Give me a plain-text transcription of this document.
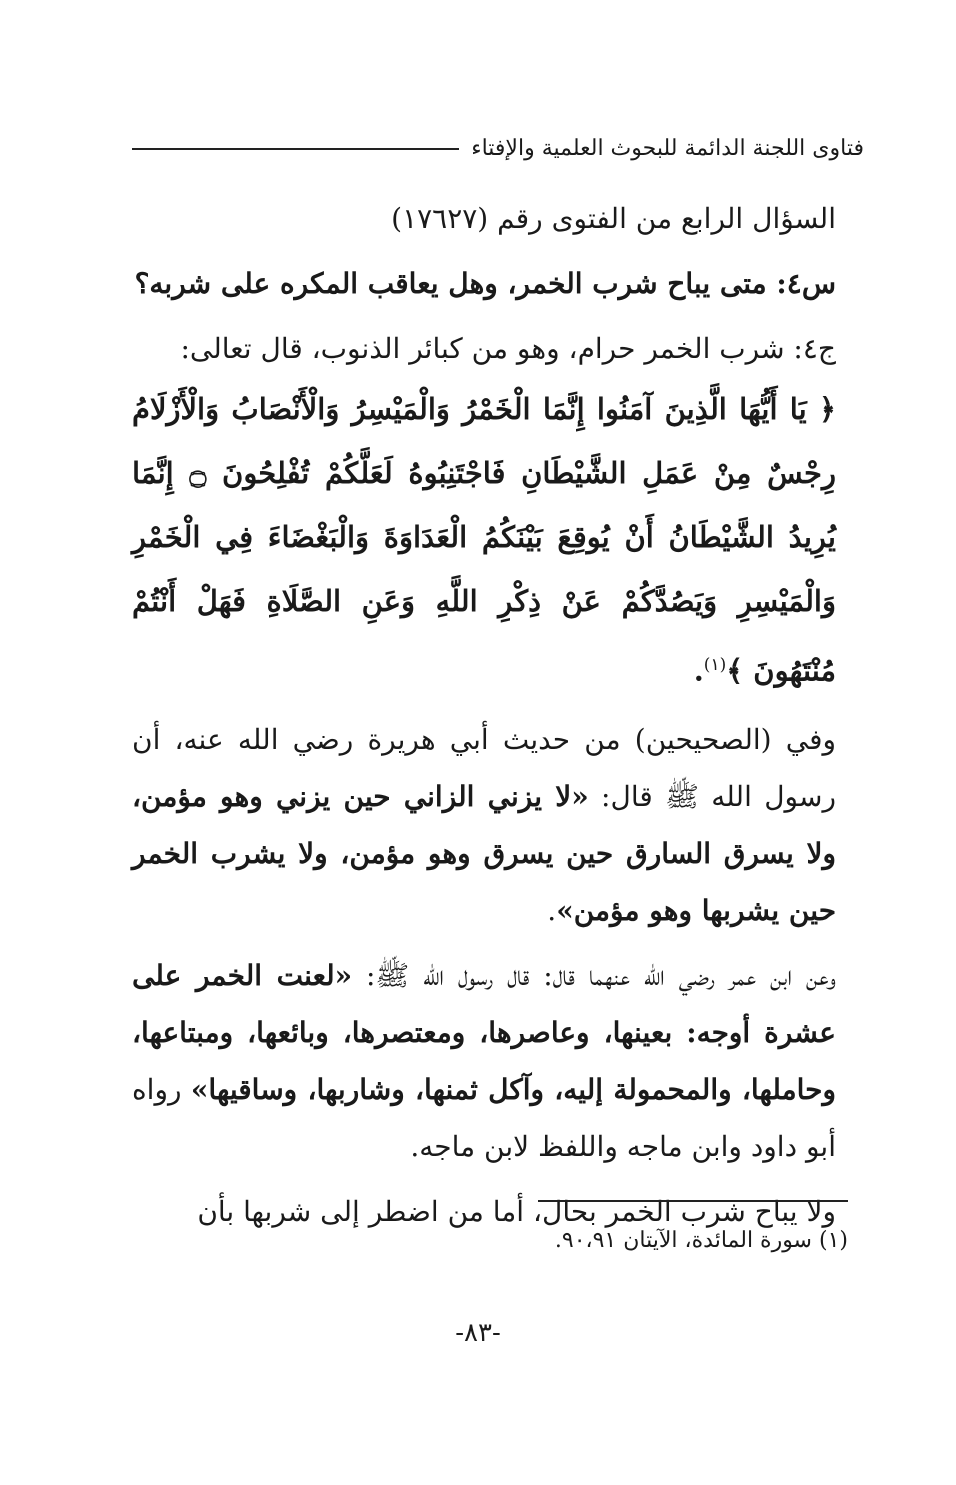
فتاوى اللجنة الدائمة للبحوث العلمية والإفتاء

السؤال الرابع من الفتوى رقم (١٧٦٢٧)

س٤: متى يباح شرب الخمر، وهل يعاقب المكره على شربه؟

ج٤: شرب الخمر حرام، وهو من كبائر الذنوب، قال تعالى:

﴿ يَا أَيُّهَا الَّذِينَ آمَنُوا إِنَّمَا الْخَمْرُ وَالْمَيْسِرُ وَالْأَنْصَابُ وَالْأَزْلَامُ رِجْسٌ مِنْ عَمَلِ الشَّيْطَانِ فَاجْتَنِبُوهُ لَعَلَّكُمْ تُفْلِحُونَ ۝ إِنَّمَا يُرِيدُ الشَّيْطَانُ أَنْ يُوقِعَ بَيْنَكُمُ الْعَدَاوَةَ وَالْبَغْضَاءَ فِي الْخَمْرِ وَالْمَيْسِرِ وَيَصُدَّكُمْ عَنْ ذِكْرِ اللَّهِ وَعَنِ الصَّلَاةِ فَهَلْ أَنْتُمْ مُنْتَهُونَ ﴾$^{(١)}$.

وفي (الصحيحين) من حديث أبي هريرة رضي الله عنه، أن رسول الله ﷺ قال: «لا يزني الزاني حين يزني وهو مؤمن، ولا يسرق السارق حين يسرق وهو مؤمن، ولا يشرب الخمر حين يشربها وهو مؤمن».

وعن ابن عمر رضي الله عنهما قال: قال رسول الله ﷺ: «لعنت الخمر على عشرة أوجه: بعينها، وعاصرها، ومعتصرها، وبائعها، ومبتاعها، وحاملها، والمحمولة إليه، وآكل ثمنها، وشاربها، وساقيها» رواه أبو داود وابن ماجه واللفظ لابن ماجه.

ولا يباح شرب الخمر بحال، أما من اضطر إلى شربها بأن

(١) سورة المائدة، الآيتان ٩٠،٩١.
-٨٣-
